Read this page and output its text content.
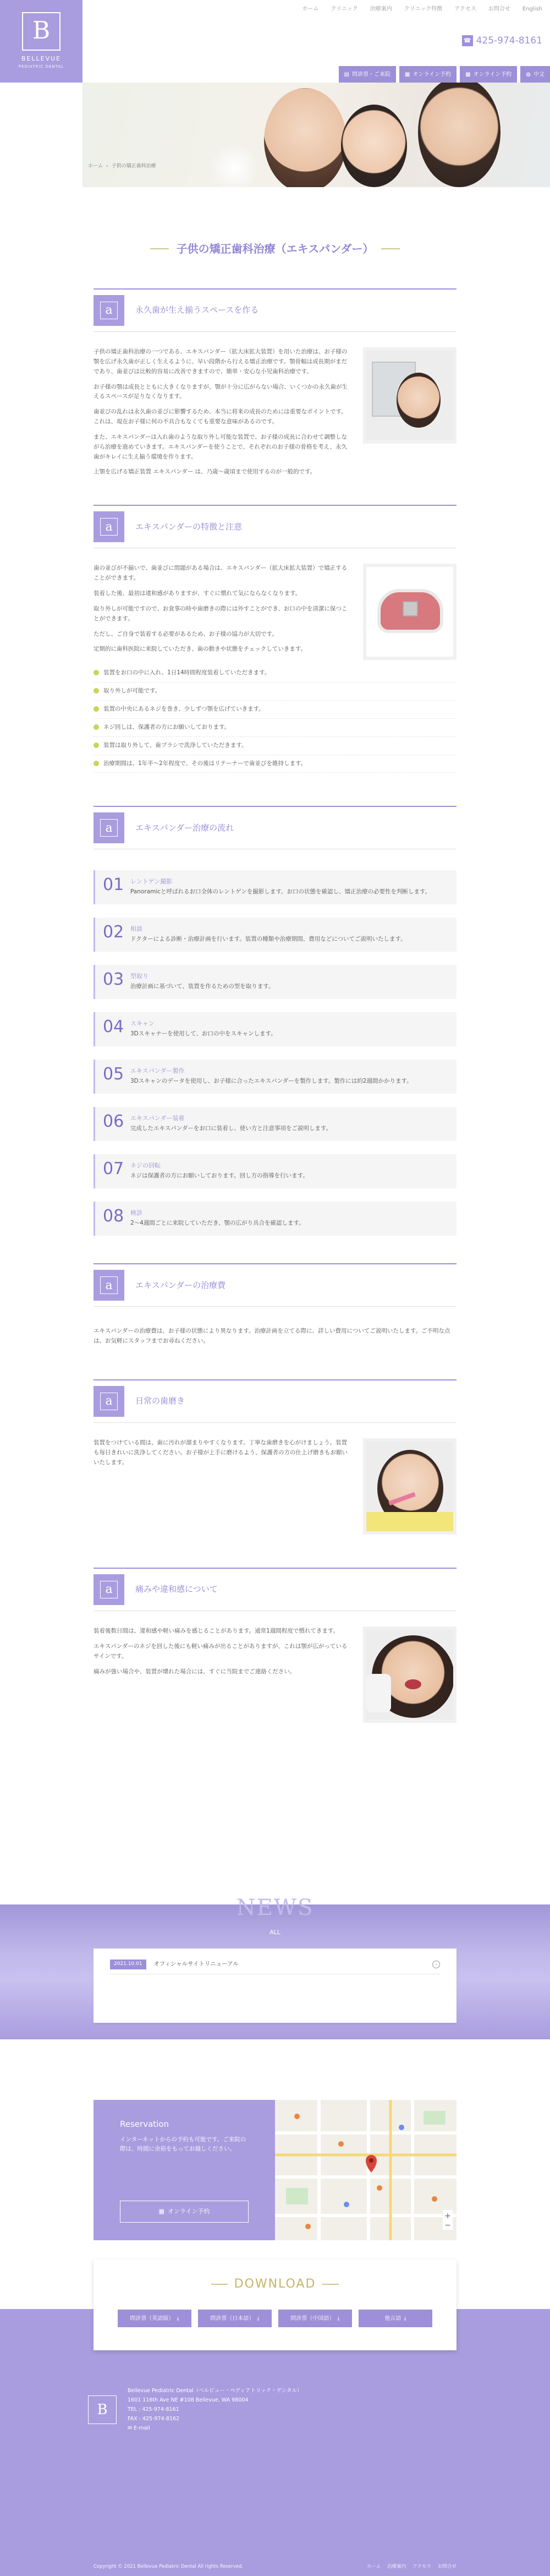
B
BELLEVUE
PEDIATRIC DENTAL
ホーム クリニック 治療案内 クリニック特徴 アクセス お問合せ English
☎ 425-974-8161
▤ 問診票・ご来院	▦ オンライン予約	▦ オンライン予約	◍ 中文
ホーム › 子供の矯正歯科治療
子供の矯正歯科治療（エキスパンダー）
a	永久歯が生え揃うスペースを作る

子供の矯正歯科治療の一つである、エキスパンダー（拡大床拡大装置）を用いた治療は、お子様の顎を広げ永久歯が正しく生えるように、早い段階から行える矯正治療です。顎骨幅は成長期がまだであり、歯並びは比較的容易に改善できますので、簡単・安心な小児歯科治療です。

お子様の顎は成長とともに大きくなりますが、顎が十分に広がらない場合、いくつかの永久歯が生えるスペースが足りなくなります。

歯並びの乱れは永久歯の並びに影響するため、本当に将来の成長のためには重要なポイントです。これは、現在お子様に何の不具合もなくても重要な意味があるのです。

また、エキスパンダーは入れ歯のような取り外し可能な装置で、お子様の成長に合わせて調整しながら治療を進めていきます。エキスパンダーを使うことで、それぞれのお子様の骨格を考え、永久歯がキレイに生え揃う環境を作ります。

上顎を広げる矯正装置 エキスパンダー は、乃歳〜歳頃まで使用するのが一般的です。

a	エキスパンダーの特徴と注意

歯の並びが不揃いで、歯並びに問題がある場合は、エキスパンダー（拡大床拡大装置）で矯正することができます。

装着した後、最初は違和感がありますが、すぐに慣れて気にならなくなります。

取り外しが可能ですので、お食事の時や歯磨きの際には外すことができ、お口の中を清潔に保つことができます。

ただし、ご自身で装着する必要があるため、お子様の協力が大切です。

定期的に歯科医院に来院していただき、歯の動きや状態をチェックしていきます。

装置をお口の中に入れ、1日14時間程度装着していただきます。
取り外しが可能です。
装置の中央にあるネジを巻き、少しずつ顎を広げていきます。
ネジ回しは、保護者の方にお願いしております。
装置は取り外して、歯ブラシで洗浄していただきます。
治療期間は、1年半〜2年程度で、その後はリテーナーで歯並びを維持します。
a	エキスパンダー治療の流れ
01	レントゲン撮影
Panoramicと呼ばれるお口全体のレントゲンを撮影します。お口の状態を確認し、矯正治療の必要性を判断します。
02	相談
ドクターによる診断・治療計画を行います。装置の種類や治療期間、費用などについてご説明いたします。
03	型取り
治療計画に基づいて、装置を作るための型を取ります。
04	スキャン
3Dスキャナーを使用して、お口の中をスキャンします。
05	エキスパンダー製作
3Dスキャンのデータを使用し、お子様に合ったエキスパンダーを製作します。製作には約2週間かかります。
06	エキスパンダー装着
完成したエキスパンダーをお口に装着し、使い方と注意事項をご説明します。
07	ネジの回転
ネジは保護者の方にお願いしております。回し方の指導を行います。
08	検診
2〜4週間ごとに来院していただき、顎の広がり具合を確認します。
a	エキスパンダーの治療費

エキスパンダーの治療費は、お子様の状態により異なります。治療計画を立てる際に、詳しい費用についてご説明いたします。ご不明な点は、お気軽にスタッフまでお尋ねください。

a	日常の歯磨き

装置をつけている間は、歯に汚れが溜まりやすくなります。丁寧な歯磨きを心がけましょう。装置も毎日きれいに洗浄してください。お子様が上手に磨けるよう、保護者の方の仕上げ磨きもお願いいたします。

a	痛みや違和感について

装着後数日間は、違和感や軽い痛みを感じることがあります。通常1週間程度で慣れてきます。

エキスパンダーのネジを回した後にも軽い痛みが出ることがありますが、これは顎が広がっているサインです。

痛みが強い場合や、装置が壊れた場合には、すぐに当院までご連絡ください。

NEWS
ALL
2021.10.01	オフィシャルサイトリニューアル	›
Reservation

インターネットからの予約も可能です。ご来院の際は、時間に余裕をもってお越しください。

▦ オンライン予約
+
−
DOWNLOAD
問診票（英語版） ⤓	問診票（日本語） ⤓	問診票（中国語） ⤓	他言語 ⤓
B
Bellevue Pediatric Dental（ベルビュー・ペディアトリック・デンタル）
1601 116th Ave NE #108 Bellevue, WA 98004
TEL : 425-974-8161
FAX : 425-974-8162
✉ E-mail
Copyright © 2021 Bellevue Pediatric Dental All rights Reserved.	ホーム 治療案内 アクセス お問合せ
